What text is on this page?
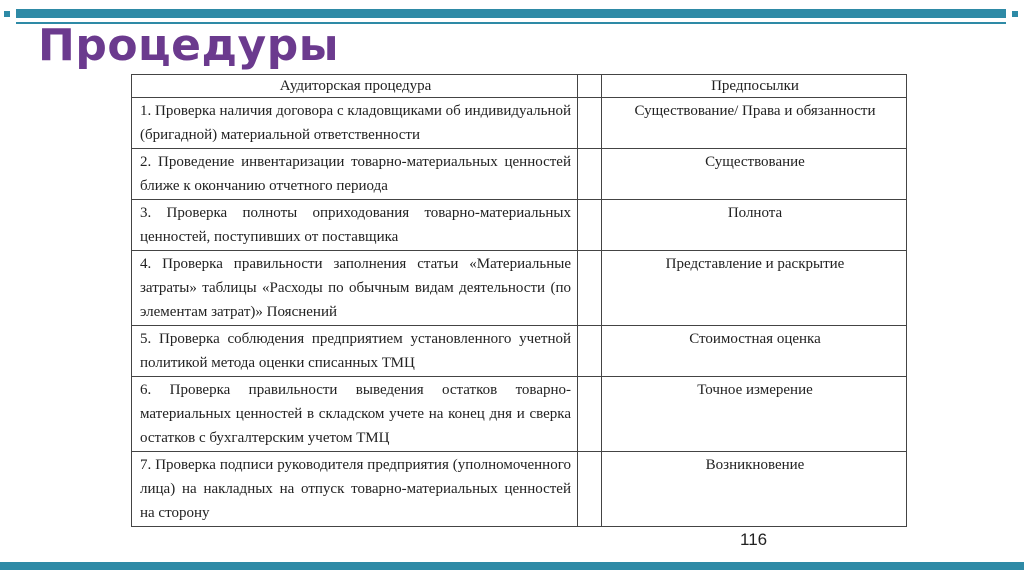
Процедуры
Аудиторская процедура		Предпосылки
1. Проверка наличия договора с кладовщиками об индивидуальной (бригадной) материальной ответственности		Существование/ Права и обязанности
2. Проведение инвентаризации товарно-материальных ценностей ближе к окончанию отчетного периода		Существование
3. Проверка полноты оприходования товарно-материальных ценностей, поступивших от поставщика		Полнота
4. Проверка правильности заполнения статьи «Материальные затраты» таблицы «Расходы по обычным видам деятельности (по элементам затрат)» Пояснений		Представление и раскрытие
5. Проверка соблюдения предприятием установленного учетной политикой метода оценки списанных ТМЦ		Стоимостная оценка
6. Проверка правильности выведения остатков товарно-материальных ценностей в складском учете на конец дня и сверка остатков с бухгалтерским учетом ТМЦ		Точное измерение
7. Проверка подписи руководителя предприятия (уполномоченного лица) на накладных на отпуск товарно-материальных ценностей на сторону		Возникновение
116
